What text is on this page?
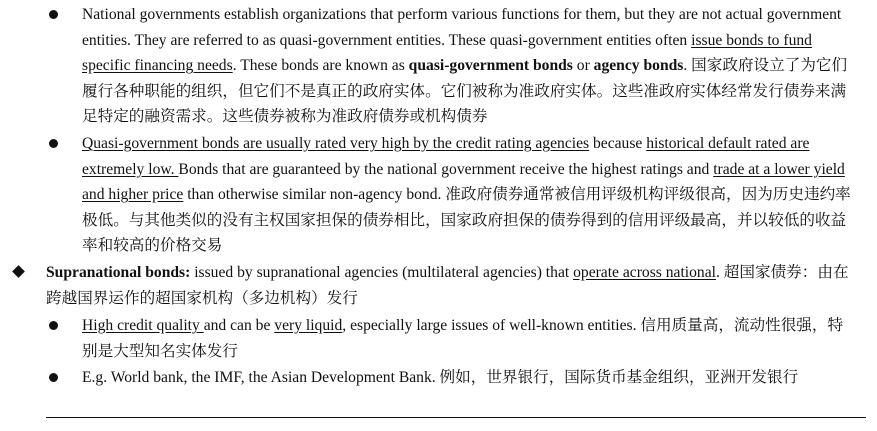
National governments establish organizations that perform various functions for them, but they are not actual government entities. They are referred to as quasi-government entities. These quasi-government entities often issue bonds to fund specific financing needs. These bonds are known as quasi-government bonds or agency bonds. 国家政府设立了为它们履行各种职能的组织，但它们不是真正的政府实体。它们被称为准政府实体。这些准政府实体经常发行债券来满足特定的融资需求。这些债券被称为准政府债券或机构债券
Quasi-government bonds are usually rated very high by the credit rating agencies because historical default rated are extremely low. Bonds that are guaranteed by the national government receive the highest ratings and trade at a lower yield and higher price than otherwise similar non-agency bond. 准政府债券通常被信用评级机构评级很高，因为历史违约率极低。与其他类似的没有主权国家担保的债券相比，国家政府担保的债券得到的信用评级最高，并以较低的收益率和较高的价格交易
Supranational bonds: issued by supranational agencies (multilateral agencies) that operate across national. 超国家债券：由在跨越国界运作的超国家机构（多边机构）发行
High credit quality and can be very liquid, especially large issues of well-known entities. 信用质量高，流动性很强，特别是大型知名实体发行
E.g. World bank, the IMF, the Asian Development Bank. 例如，世界银行，国际货币基金组织，亚洲开发银行
